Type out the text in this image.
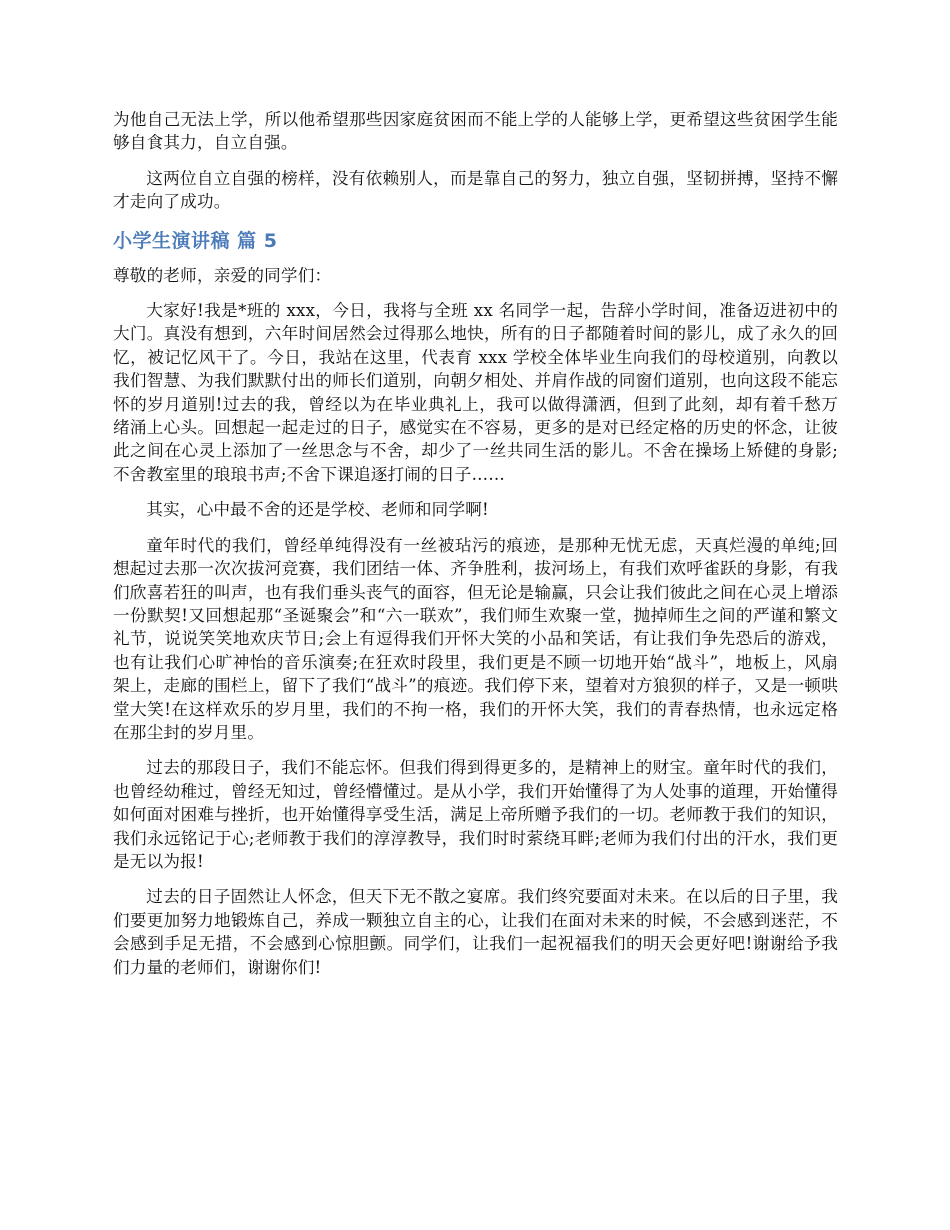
为他自己无法上学，所以他希望那些因家庭贫困而不能上学的人能够上学，更希望这些贫困学生能够自食其力，自立自强。

这两位自立自强的榜样，没有依赖别人，而是靠自己的努力，独立自强，坚韧拼搏，坚持不懈才走向了成功。

小学生演讲稿 篇 5

尊敬的老师，亲爱的同学们：

大家好!我是*班的 xxx，今日，我将与全班 xx 名同学一起，告辞小学时间，准备迈进初中的大门。真没有想到，六年时间居然会过得那么地快，所有的日子都随着时间的影儿，成了永久的回忆，被记忆风干了。今日，我站在这里，代表育 xxx 学校全体毕业生向我们的母校道别，向教以我们智慧、为我们默默付出的师长们道别，向朝夕相处、并肩作战的同窗们道别，也向这段不能忘怀的岁月道别!过去的我，曾经以为在毕业典礼上，我可以做得潇洒，但到了此刻，却有着千愁万绪涌上心头。回想起一起走过的日子，感觉实在不容易，更多的是对已经定格的历史的怀念，让彼此之间在心灵上添加了一丝思念与不舍，却少了一丝共同生活的影儿。不舍在操场上矫健的身影;不舍教室里的琅琅书声;不舍下课追逐打闹的日子……

其实，心中最不舍的还是学校、老师和同学啊!

童年时代的我们，曾经单纯得没有一丝被玷污的痕迹，是那种无忧无虑，天真烂漫的单纯;回想起过去那一次次拔河竞赛，我们团结一体、齐争胜利，拔河场上，有我们欢呼雀跃的身影，有我们欣喜若狂的叫声，也有我们垂头丧气的面容，但无论是输赢，只会让我们彼此之间在心灵上增添一份默契!又回想起那“圣诞聚会”和“六一联欢”，我们师生欢聚一堂，抛掉师生之间的严谨和繁文礼节，说说笑笑地欢庆节日;会上有逗得我们开怀大笑的小品和笑话，有让我们争先恐后的游戏，也有让我们心旷神怡的音乐演奏;在狂欢时段里，我们更是不顾一切地开始“战斗”，地板上，风扇架上，走廊的围栏上，留下了我们“战斗”的痕迹。我们停下来，望着对方狼狈的样子，又是一顿哄堂大笑!在这样欢乐的岁月里，我们的不拘一格，我们的开怀大笑，我们的青春热情，也永远定格在那尘封的岁月里。

过去的那段日子，我们不能忘怀。但我们得到得更多的，是精神上的财宝。童年时代的我们，也曾经幼稚过，曾经无知过，曾经懵懂过。是从小学，我们开始懂得了为人处事的道理，开始懂得如何面对困难与挫折，也开始懂得享受生活，满足上帝所赠予我们的一切。老师教于我们的知识，我们永远铭记于心;老师教于我们的淳淳教导，我们时时萦绕耳畔;老师为我们付出的汗水，我们更是无以为报!

过去的日子固然让人怀念，但天下无不散之宴席。我们终究要面对未来。在以后的日子里，我们要更加努力地锻炼自己，养成一颗独立自主的心，让我们在面对未来的时候，不会感到迷茫，不会感到手足无措，不会感到心惊胆颤。同学们，让我们一起祝福我们的明天会更好吧!谢谢给予我们力量的老师们，谢谢你们!
